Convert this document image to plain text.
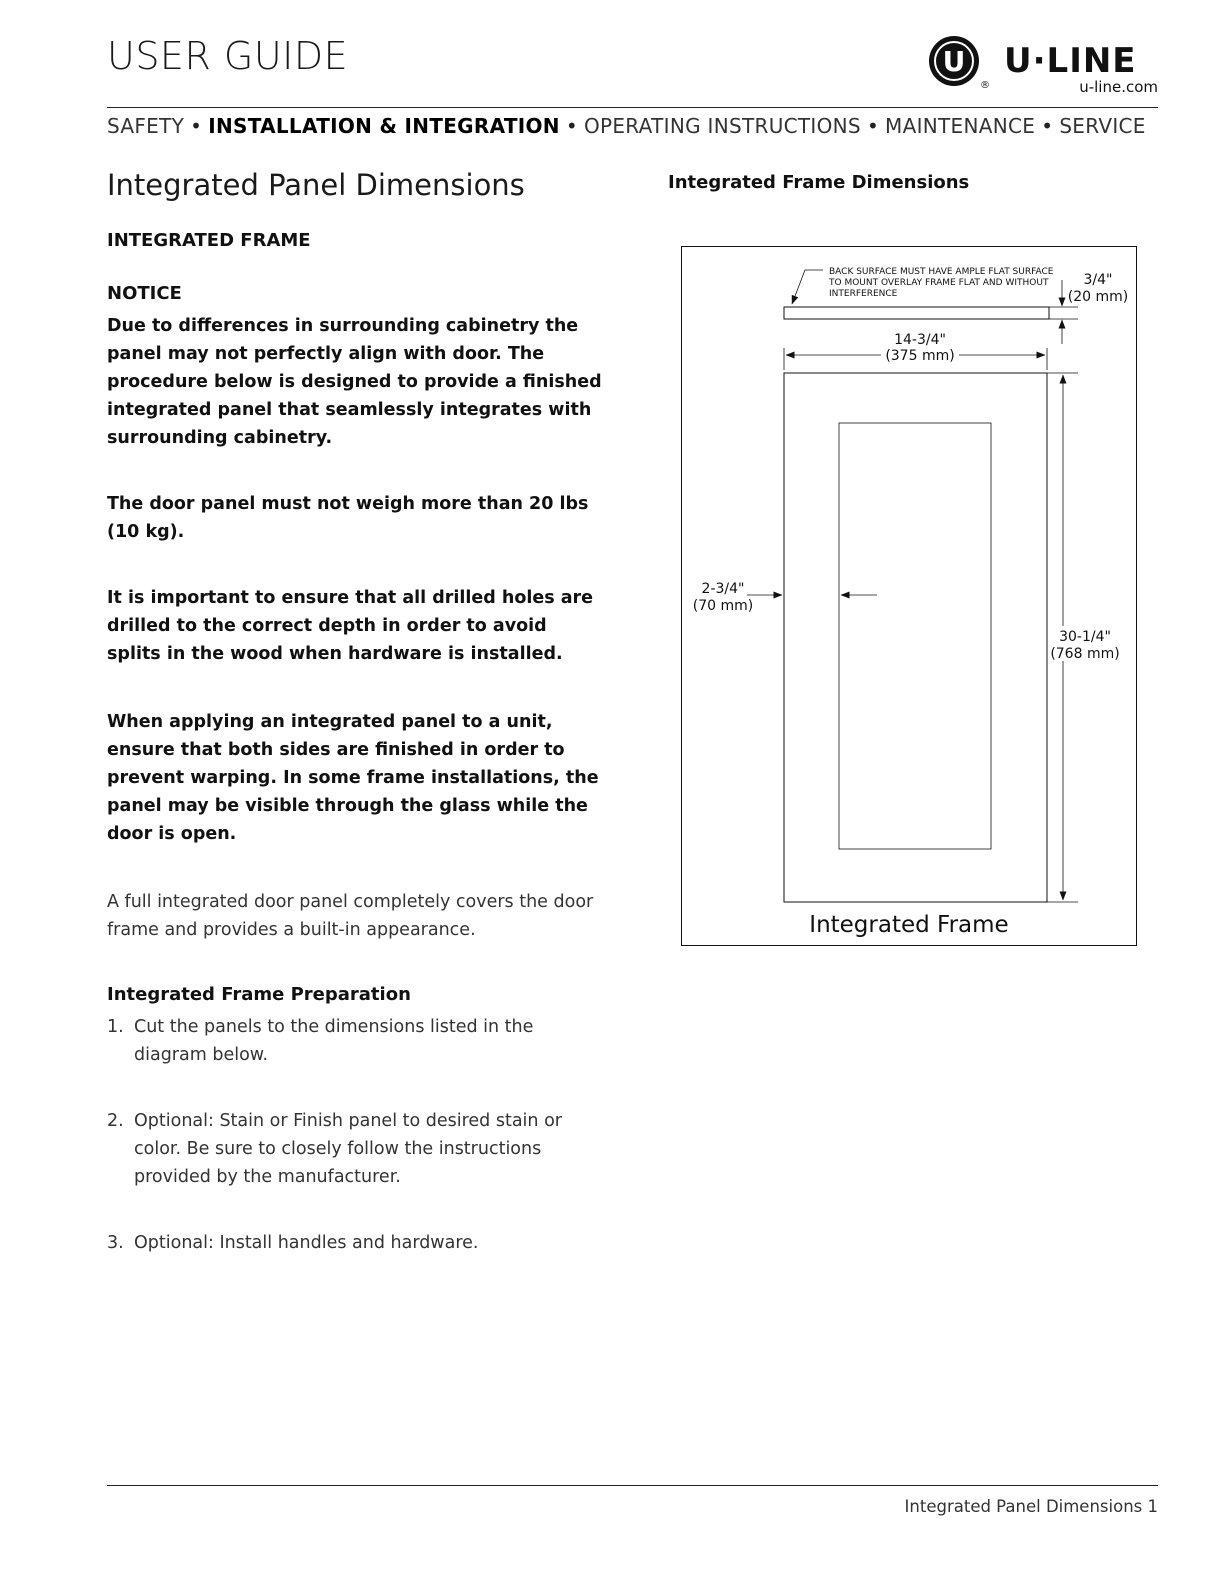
USER GUIDE	U
®
U·LINE
u-line.com
SAFETY • INSTALLATION & INTEGRATION • OPERATING INSTRUCTIONS • MAINTENANCE • SERVICE
Integrated Panel Dimensions

INTEGRATED FRAME

NOTICE

Due to differences in surrounding cabinetry the panel may not perfectly align with door. The procedure below is designed to provide a finished integrated panel that seamlessly integrates with surrounding cabinetry.

The door panel must not weigh more than 20 lbs (10 kg).

It is important to ensure that all drilled holes are drilled to the correct depth in order to avoid splits in the wood when hardware is installed.

When applying an integrated panel to a unit, ensure that both sides are finished in order to prevent warping. In some frame installations, the panel may be visible through the glass while the door is open.

A full integrated door panel completely covers the door frame and provides a built-in appearance.

Integrated Frame Preparation

1. Cut the panels to the dimensions listed in the diagram below.
2. Optional: Stain or Finish panel to desired stain or color. Be sure to closely follow the instructions provided by the manufacturer.
3. Optional: Install handles and hardware.
Integrated Frame Dimensions
BACK SURFACE MUST HAVE AMPLE FLAT SURFACE
TO MOUNT OVERLAY FRAME FLAT AND WITHOUT
INTERFERENCE
3/4"
(20 mm)
14-3/4"
(375 mm)
30-1/4"
(768 mm)
2-3/4"
(70 mm)
Integrated Frame
Integrated Panel Dimensions 1
